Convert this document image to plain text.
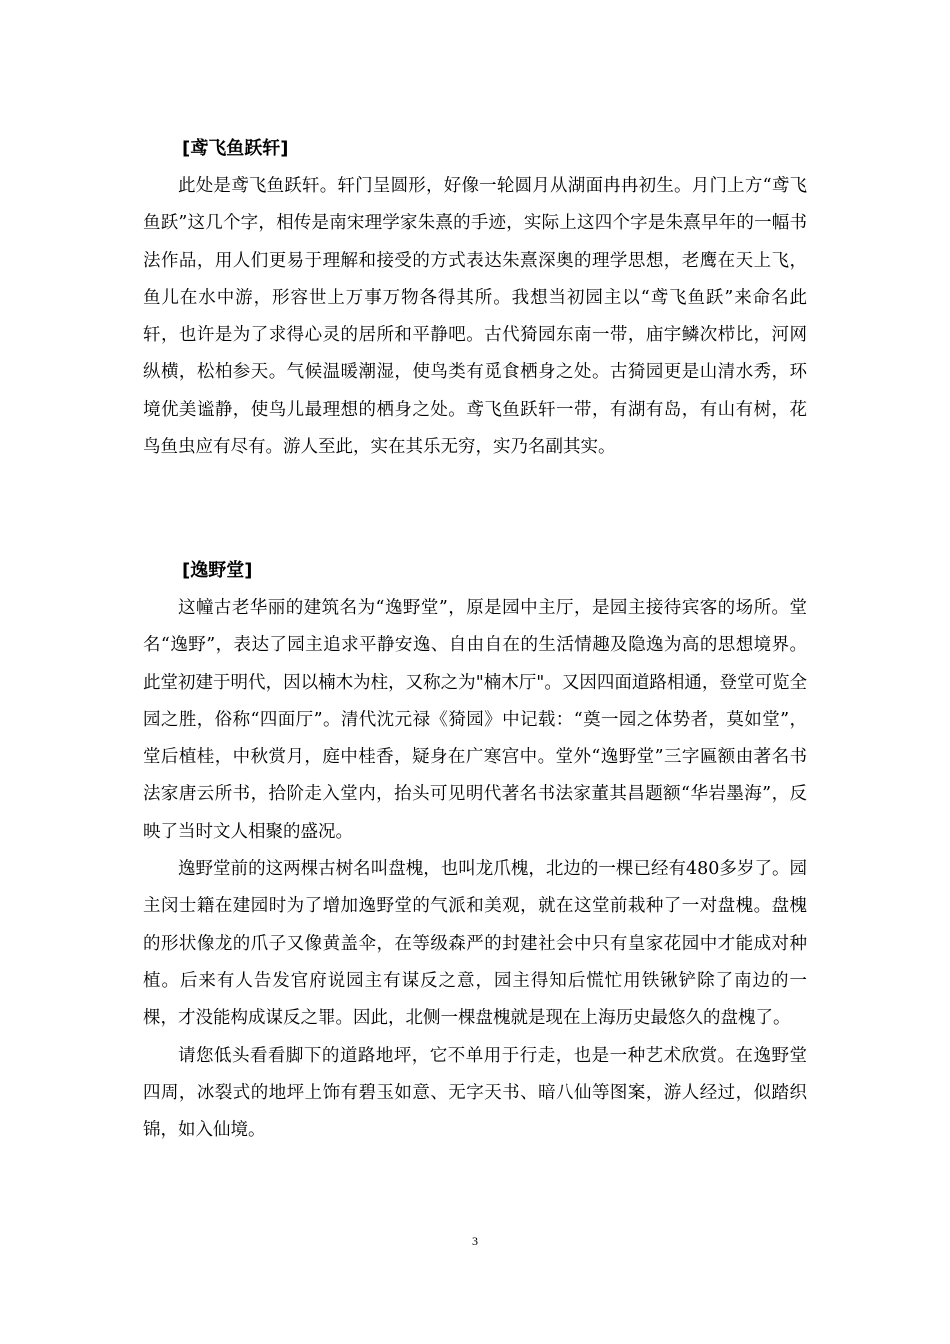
[鸢飞鱼跃轩]

此处是鸢飞鱼跃轩。轩门呈圆形，好像一轮圆月从湖面冉冉初生。月门上方“鸢飞鱼跃”这几个字，相传是南宋理学家朱熹的手迹，实际上这四个字是朱熹早年的一幅书法作品，用人们更易于理解和接受的方式表达朱熹深奥的理学思想，老鹰在天上飞，鱼儿在水中游，形容世上万事万物各得其所。我想当初园主以“鸢飞鱼跃”来命名此轩，也许是为了求得心灵的居所和平静吧。古代猗园东南一带，庙宇鳞次栉比，河网纵横，松柏参天。气候温暖潮湿，使鸟类有觅食栖身之处。古猗园更是山清水秀，环境优美谧静，使鸟儿最理想的栖身之处。鸢飞鱼跃轩一带，有湖有岛，有山有树，花鸟鱼虫应有尽有。游人至此，实在其乐无穷，实乃名副其实。

[逸野堂]

这幢古老华丽的建筑名为“逸野堂”，原是园中主厅，是园主接待宾客的场所。堂名“逸野”，表达了园主追求平静安逸、自由自在的生活情趣及隐逸为高的思想境界。此堂初建于明代，因以楠木为柱，又称之为"楠木厅"。又因四面道路相通，登堂可览全园之胜，俗称“四面厅”。清代沈元禄《猗园》中记载：“奠一园之体势者，莫如堂”，堂后植桂，中秋赏月，庭中桂香，疑身在广寒宫中。堂外“逸野堂”三字匾额由著名书法家唐云所书，拾阶走入堂内，抬头可见明代著名书法家董其昌题额“华岩墨海”，反映了当时文人相聚的盛况。

逸野堂前的这两棵古树名叫盘槐，也叫龙爪槐，北边的一棵已经有480多岁了。园主闵士籍在建园时为了增加逸野堂的气派和美观，就在这堂前栽种了一对盘槐。盘槐的形状像龙的爪子又像黄盖伞，在等级森严的封建社会中只有皇家花园中才能成对种植。后来有人告发官府说园主有谋反之意，园主得知后慌忙用铁锹铲除了南边的一棵，才没能构成谋反之罪。因此，北侧一棵盘槐就是现在上海历史最悠久的盘槐了。

请您低头看看脚下的道路地坪，它不单用于行走，也是一种艺术欣赏。在逸野堂四周，冰裂式的地坪上饰有碧玉如意、无字天书、暗八仙等图案，游人经过，似踏织锦，如入仙境。

3
